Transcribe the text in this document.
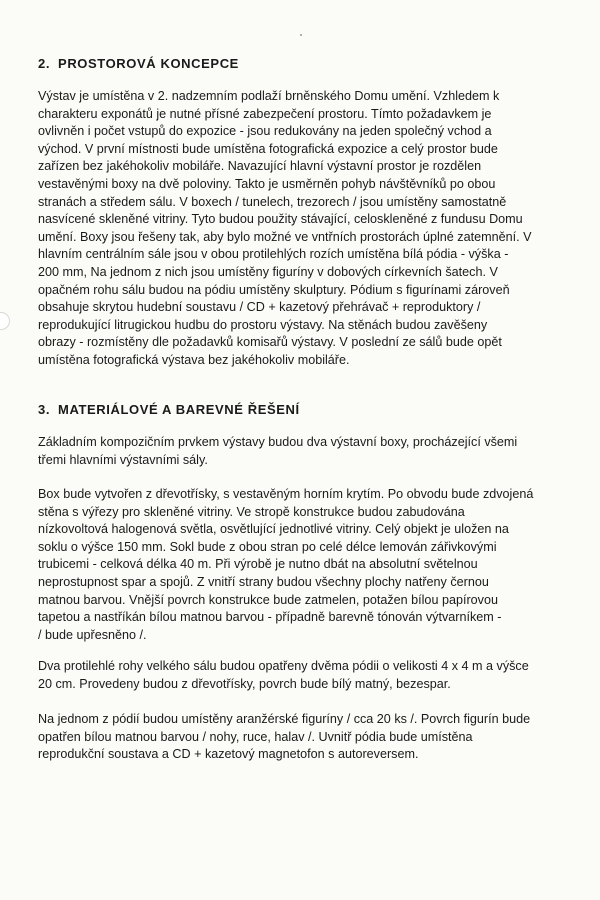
2. PROSTOROVÁ KONCEPCE
Výstav je umístěna v 2. nadzemním podlaží brněnského Domu umění. Vzhledem k
charakteru exponátů je nutné přísné zabezpečení prostoru. Tímto požadavkem je
ovlivněn i počet vstupů do expozice - jsou redukovány na jeden společný vchod a
východ. V první místnosti bude umístěna fotografická expozice a celý prostor bude
zařízen bez jakéhokoliv mobiláře. Navazující hlavní výstavní prostor je rozdělen
vestavěnými boxy na dvě poloviny. Takto je usměrněn pohyb návštěvníků po obou
stranách a středem sálu. V boxech / tunelech, trezorech / jsou umístěny samostatně
nasvícené skleněné vitriny. Tyto budou použity stávající, celoskleněné z fundusu Domu
umění. Boxy jsou řešeny tak, aby bylo možné ve vntřních prostorách úplné zatemnění. V
hlavním centrálním sále jsou v obou protilehlých rozích umístěna bílá pódia - výška -
200 mm, Na jednom z nich jsou umístěny figuríny v dobových církevních šatech. V
opačném rohu sálu budou na pódiu umístěny skulptury. Pódium s figurínami zároveň
obsahuje skrytou hudební soustavu / CD + kazetový přehrávač + reproduktory /
reprodukující litrugickou hudbu do prostoru výstavy. Na stěnách budou zavěšeny
obrazy - rozmístěny dle požadavků komisařů výstavy. V poslední ze sálů bude opět
umístěna fotografická výstava bez jakéhokoliv mobiláře.
3. MATERIÁLOVÉ A BAREVNÉ ŘEŠENÍ
Základním kompozičním prvkem výstavy budou dva výstavní boxy, procházející všemi
třemi hlavními výstavními sály.
Box bude vytvořen z dřevotřísky, s vestavěným horním krytím. Po obvodu bude zdvojená
stěna s výřezy pro skleněné vitriny. Ve stropě konstrukce budou zabudována
nízkovoltová halogenová světla, osvětlující jednotlivé vitriny. Celý objekt je uložen na
soklu o výšce 150 mm. Sokl bude z obou stran po celé délce lemován zářivkovými
trubicemi - celková délka 40 m. Při výrobě je nutno dbát na absolutní světelnou
neprostupnost spar a spojů. Z vnitří strany budou všechny plochy natřeny černou
matnou barvou. Vnější povrch konstrukce bude zatmelen, potažen bílou papírovou
tapetou a nastříkán bílou matnou barvou - případně barevně tónován výtvarníkem -
/ bude upřesněno /.
Dva protilehlé rohy velkého sálu budou opatřeny dvěma pódii o velikosti 4 x 4 m a výšce
20 cm. Provedeny budou z dřevotřísky, povrch bude bílý matný, bezespar.
Na jednom z pódií budou umístěny aranžérské figuríny / cca 20 ks /. Povrch figurín bude
opatřen bílou matnou barvou / nohy, ruce, halav /. Uvnitř pódia bude umístěna
reprodukční soustava a CD + kazetový magnetofon s autoreversem.
